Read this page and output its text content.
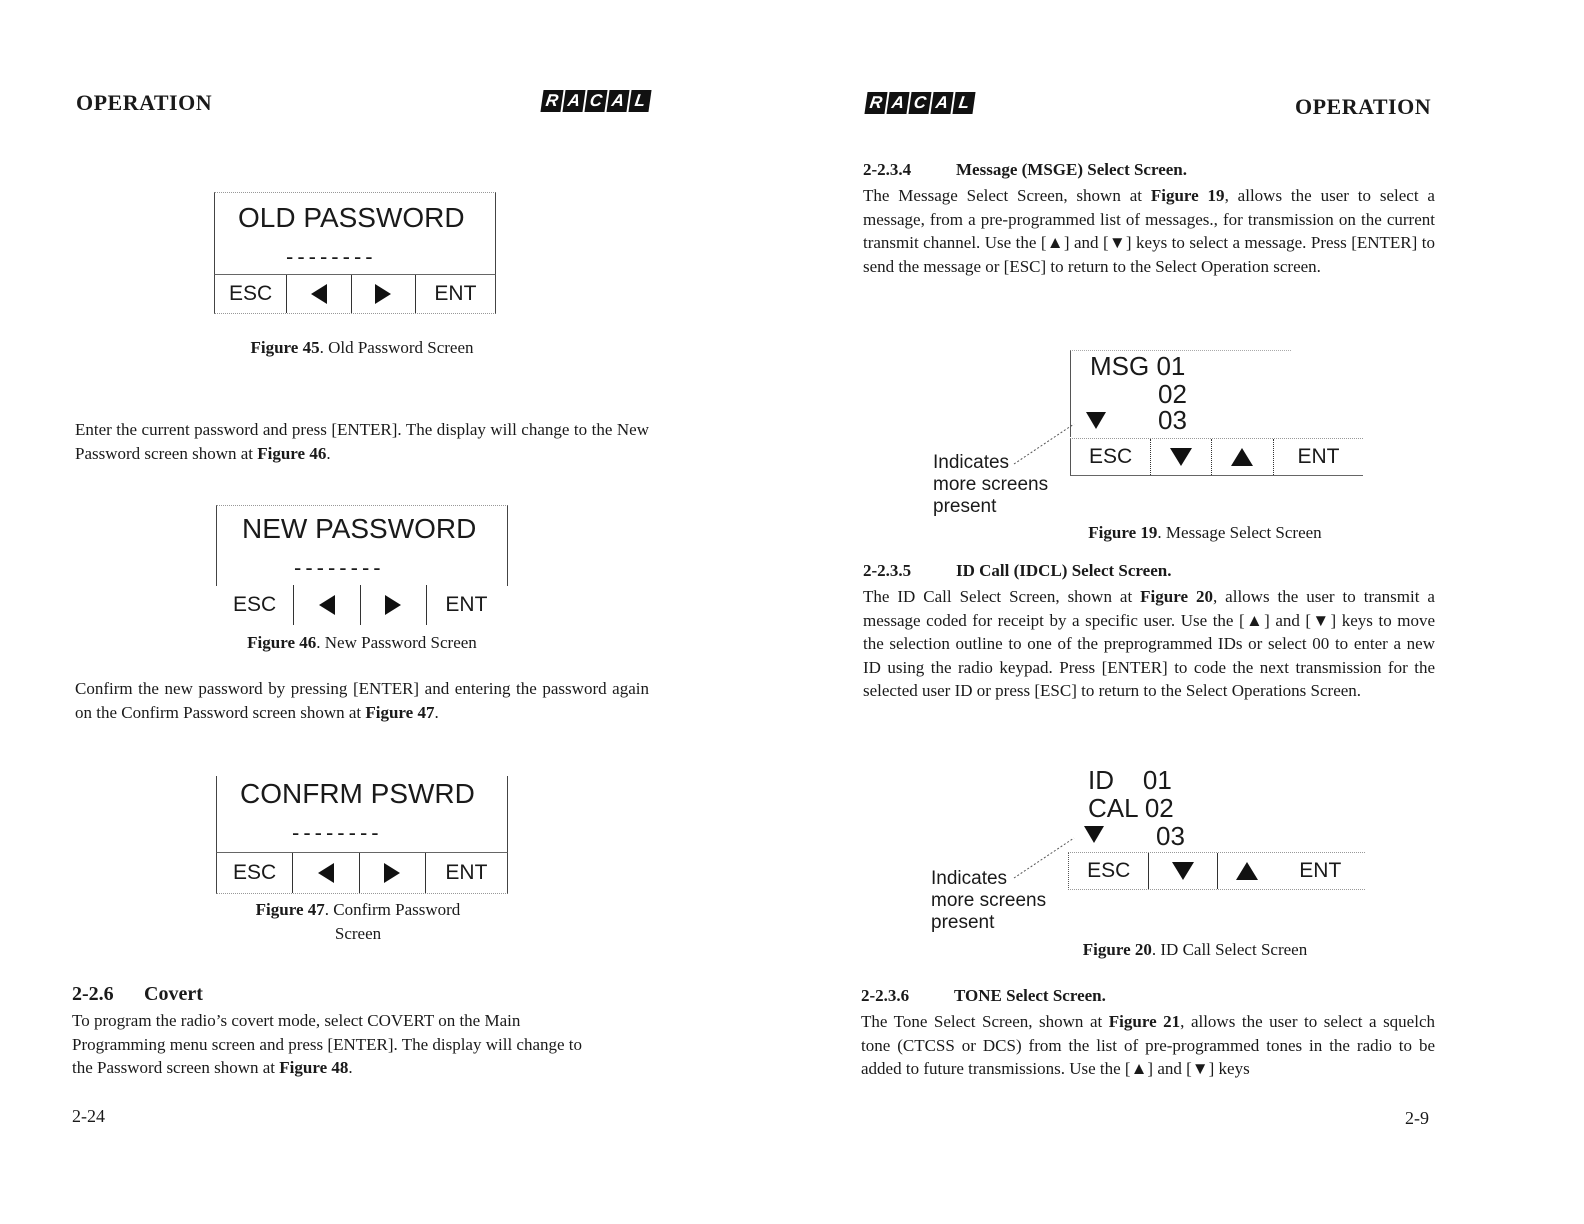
OPERATION	R A C A L
OLD PASSWORD
--------
ESC	ENT
Figure 45. Old Password Screen
Enter the current password and press [ENTER]. The display will change to the New Password screen shown at Figure 46.
NEW PASSWORD
--------
ESC	ENT
Figure 46. New Password Screen
Confirm the new password by pressing [ENTER] and entering the password again on the Confirm Password screen shown at Figure 47.
CONFRM PSWRD
--------
ESC	ENT
Figure 47. Confirm Password
Screen
2-2.6 Covert
To program the radio’s covert mode, select COVERT on the Main Programming menu screen and press [ENTER]. The display will change to the Password screen shown at Figure 48.
2-24
R A C A L	OPERATION
2-2.3.4	Message (MSGE) Select Screen.
The Message Select Screen, shown at Figure 19, allows the user to select a message, from a pre-programmed list of messages., for transmission on the current transmit channel. Use the [▲] and [▼] keys to select a message. Press [ENTER] to send the message or [ESC] to return to the Select Operation screen.
MSG 01
02
03
ESC	ENT
Indicates
more screens
present
Figure 19. Message Select Screen
2-2.3.5	ID Call (IDCL) Select Screen.
The ID Call Select Screen, shown at Figure 20, allows the user to transmit a message coded for receipt by a specific user. Use the [▲] and [▼] keys to move the selection outline to one of the preprogrammed IDs or select 00 to enter a new ID using the radio keypad. Press [ENTER] to code the next transmission for the selected user ID or press [ESC] to return to the Select Operations Screen.
ID    01
CAL 02
03
ESC	ENT
Indicates
more screens
present
Figure 20. ID Call Select Screen
2-2.3.6	TONE Select Screen.
The Tone Select Screen, shown at Figure 21, allows the user to select a squelch tone (CTCSS or DCS) from the list of pre-programmed tones in the radio to be added to future transmissions. Use the [▲] and [▼] keys
2-9
